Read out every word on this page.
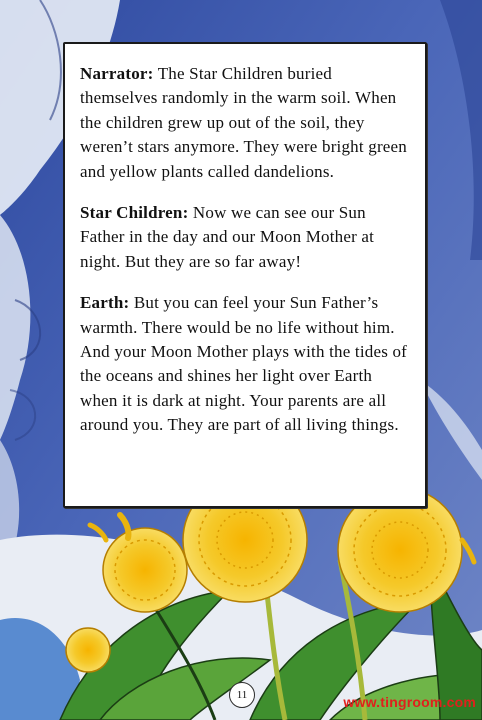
Narrator: The Star Children buried themselves randomly in the warm soil. When the children grew up out of the soil, they weren’t stars anymore. They were bright green and yellow plants called dandelions.

Star Children: Now we can see our Sun Father in the day and our Moon Mother at night. But they are so far away!

Earth: But you can feel your Sun Father’s warmth. There would be no life without him. And your Moon Mother plays with the tides of the oceans and shines her light over Earth when it is dark at night. Your parents are all around you. They are part of all living things.

11	www.tingroom.com
